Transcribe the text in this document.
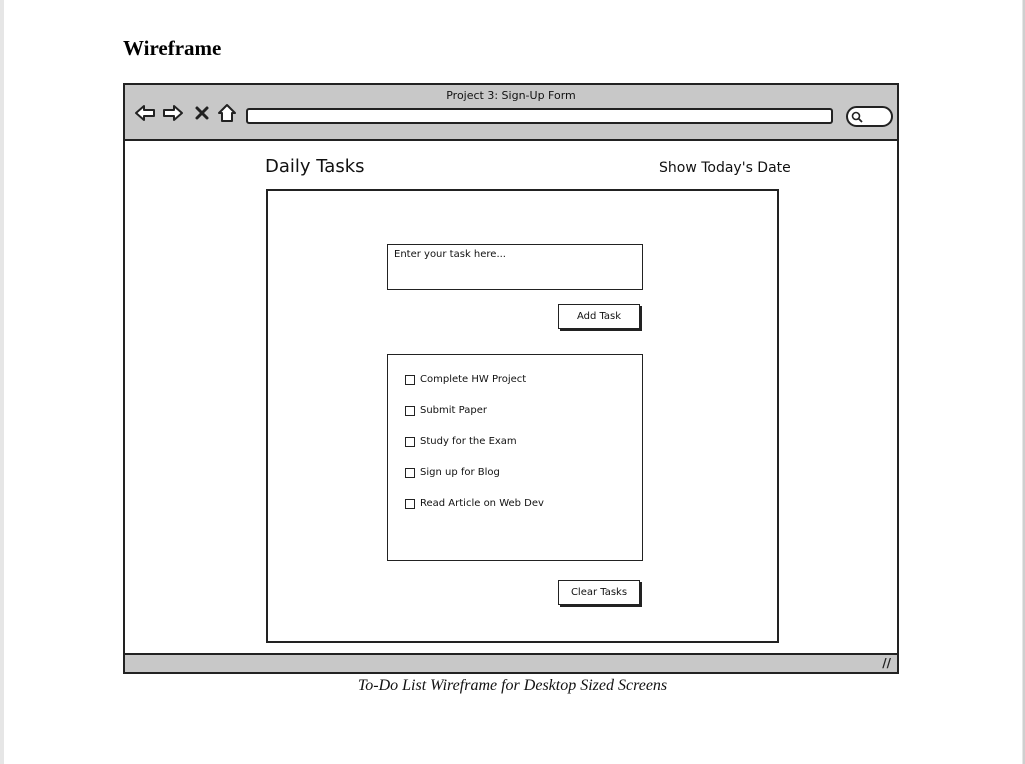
Wireframe
Project 3: Sign-Up Form
Daily Tasks	Show Today's Date
Enter your task here...
Add Task
Complete HW Project
Submit Paper
Study for the Exam
Sign up for Blog
Read Article on Web Dev
Clear Tasks
//
To-Do List Wireframe for Desktop Sized Screens
